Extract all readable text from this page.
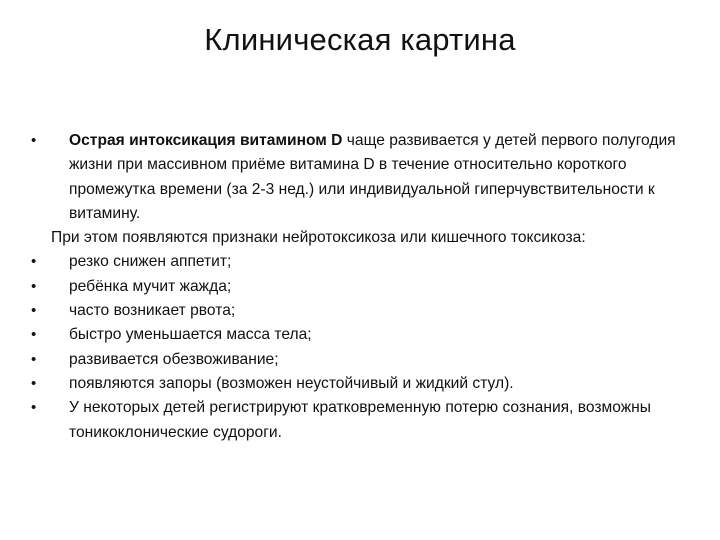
Клиническая картина
•	Острая интоксикация витамином D чаще развивается у детей первого полугодия жизни при массивном приёме витамина D в течение относительно короткого промежутка времени (за 2-3 нед.) или индивидуальной гиперчувствительности к витамину.
При этом появляются признаки нейротоксикоза или кишечного токсикоза:
•	резко снижен аппетит;
•	ребёнка мучит жажда;
•	часто возникает рвота;
•	быстро уменьшается масса тела;
•	развивается обезвоживание;
•	появляются запоры (возможен неустойчивый и жидкий стул).
•	У некоторых детей регистрируют кратковременную потерю сознания, возможны тоникоклонические судороги.
